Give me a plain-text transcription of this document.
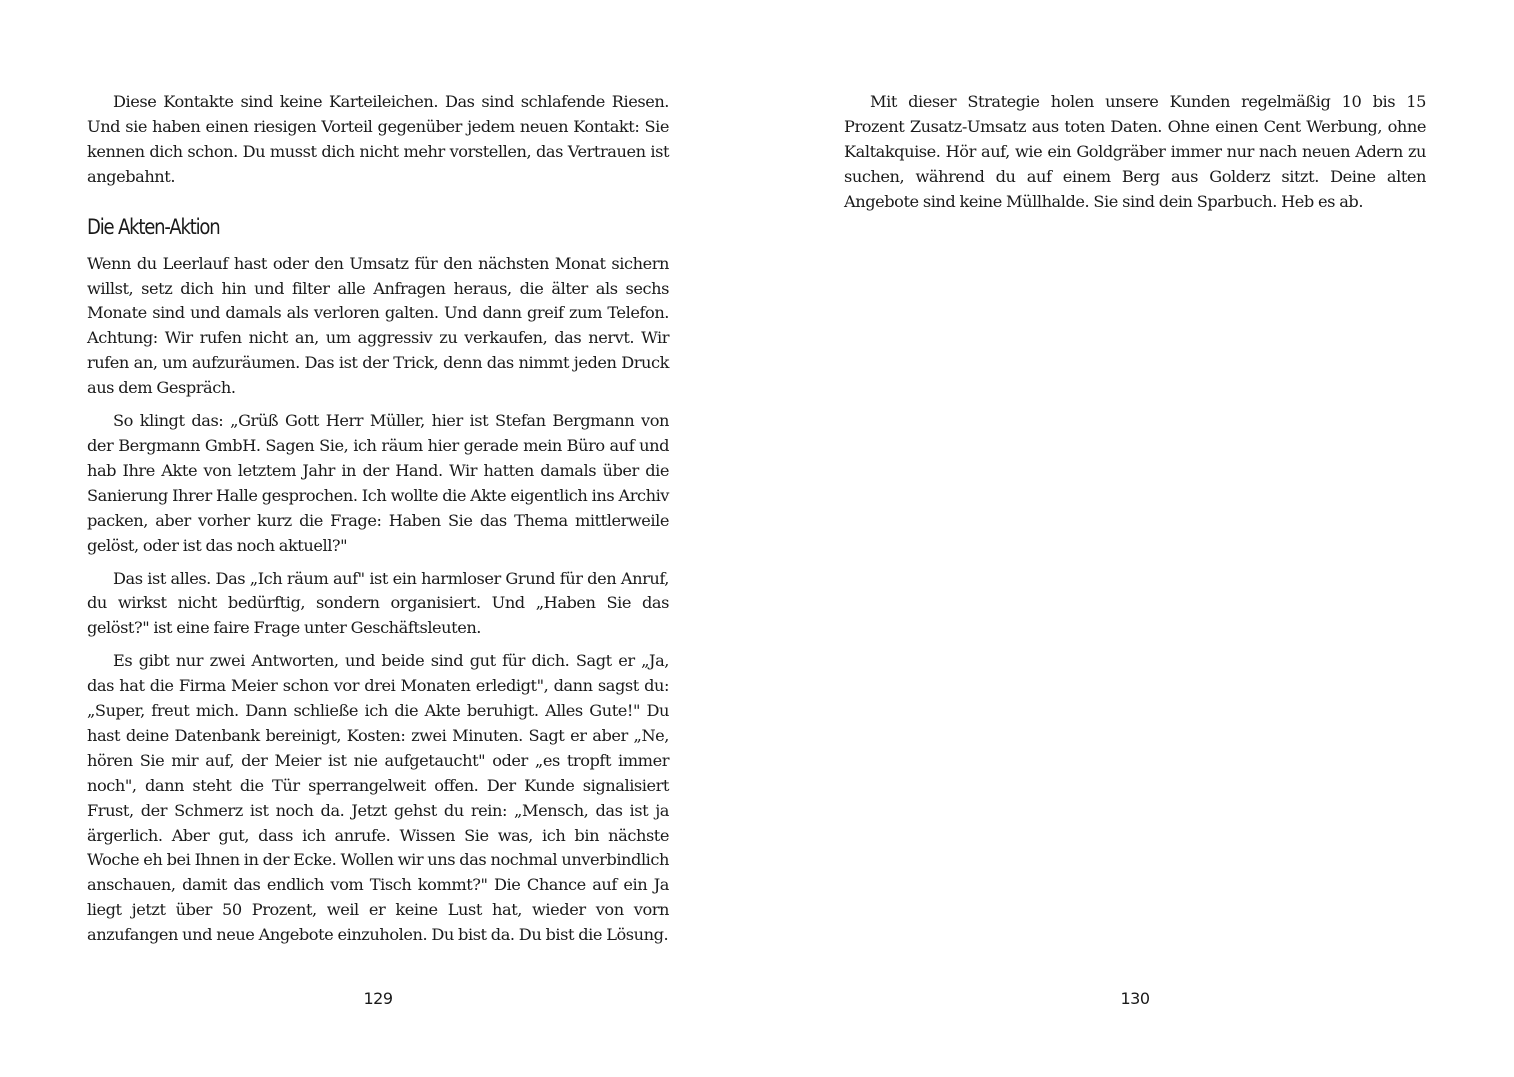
Diese Kontakte sind keine Karteileichen. Das sind schlafende Riesen. Und sie haben einen riesigen Vorteil gegenüber jedem neuen Kontakt: Sie kennen dich schon. Du musst dich nicht mehr vorstellen, das Vertrauen ist angebahnt.

Die Akten-Aktion

Wenn du Leerlauf hast oder den Umsatz für den nächsten Monat sichern willst, setz dich hin und filter alle Anfragen heraus, die älter als sechs Monate sind und damals als verloren galten. Und dann greif zum Telefon. Achtung: Wir rufen nicht an, um aggressiv zu verkaufen, das nervt. Wir rufen an, um aufzuräumen. Das ist der Trick, denn das nimmt jeden Druck aus dem Gespräch.

So klingt das: „Grüß Gott Herr Müller, hier ist Stefan Bergmann von der Bergmann GmbH. Sagen Sie, ich räum hier gerade mein Büro auf und hab Ihre Akte von letztem Jahr in der Hand. Wir hatten damals über die Sanierung Ihrer Halle gesprochen. Ich wollte die Akte eigentlich ins Archiv packen, aber vorher kurz die Frage: Haben Sie das Thema mittlerweile gelöst, oder ist das noch aktuell?"

Das ist alles. Das „Ich räum auf" ist ein harmloser Grund für den Anruf, du wirkst nicht bedürftig, sondern organisiert. Und „Haben Sie das gelöst?" ist eine faire Frage unter Geschäftsleuten.

Es gibt nur zwei Antworten, und beide sind gut für dich. Sagt er „Ja, das hat die Firma Meier schon vor drei Monaten erledigt", dann sagst du: „Super, freut mich. Dann schließe ich die Akte beruhigt. Alles Gute!" Du hast deine Datenbank bereinigt, Kosten: zwei Minuten. Sagt er aber „Ne, hören Sie mir auf, der Meier ist nie aufgetaucht" oder „es tropft immer noch", dann steht die Tür sperrangelweit offen. Der Kunde signalisiert Frust, der Schmerz ist noch da. Jetzt gehst du rein: „Mensch, das ist ja ärgerlich. Aber gut, dass ich anrufe. Wissen Sie was, ich bin nächste Woche eh bei Ihnen in der Ecke. Wollen wir uns das nochmal unverbindlich anschauen, damit das endlich vom Tisch kommt?" Die Chance auf ein Ja liegt jetzt über 50 Prozent, weil er keine Lust hat, wieder von vorn anzufangen und neue Angebote einzuholen. Du bist da. Du bist die Lösung.

129

Mit dieser Strategie holen unsere Kunden regelmäßig 10 bis 15 Prozent Zusatz-Umsatz aus toten Daten. Ohne einen Cent Werbung, ohne Kaltakquise. Hör auf, wie ein Goldgräber immer nur nach neuen Adern zu suchen, während du auf einem Berg aus Golderz sitzt. Deine alten Angebote sind keine Müllhalde. Sie sind dein Sparbuch. Heb es ab.

130
